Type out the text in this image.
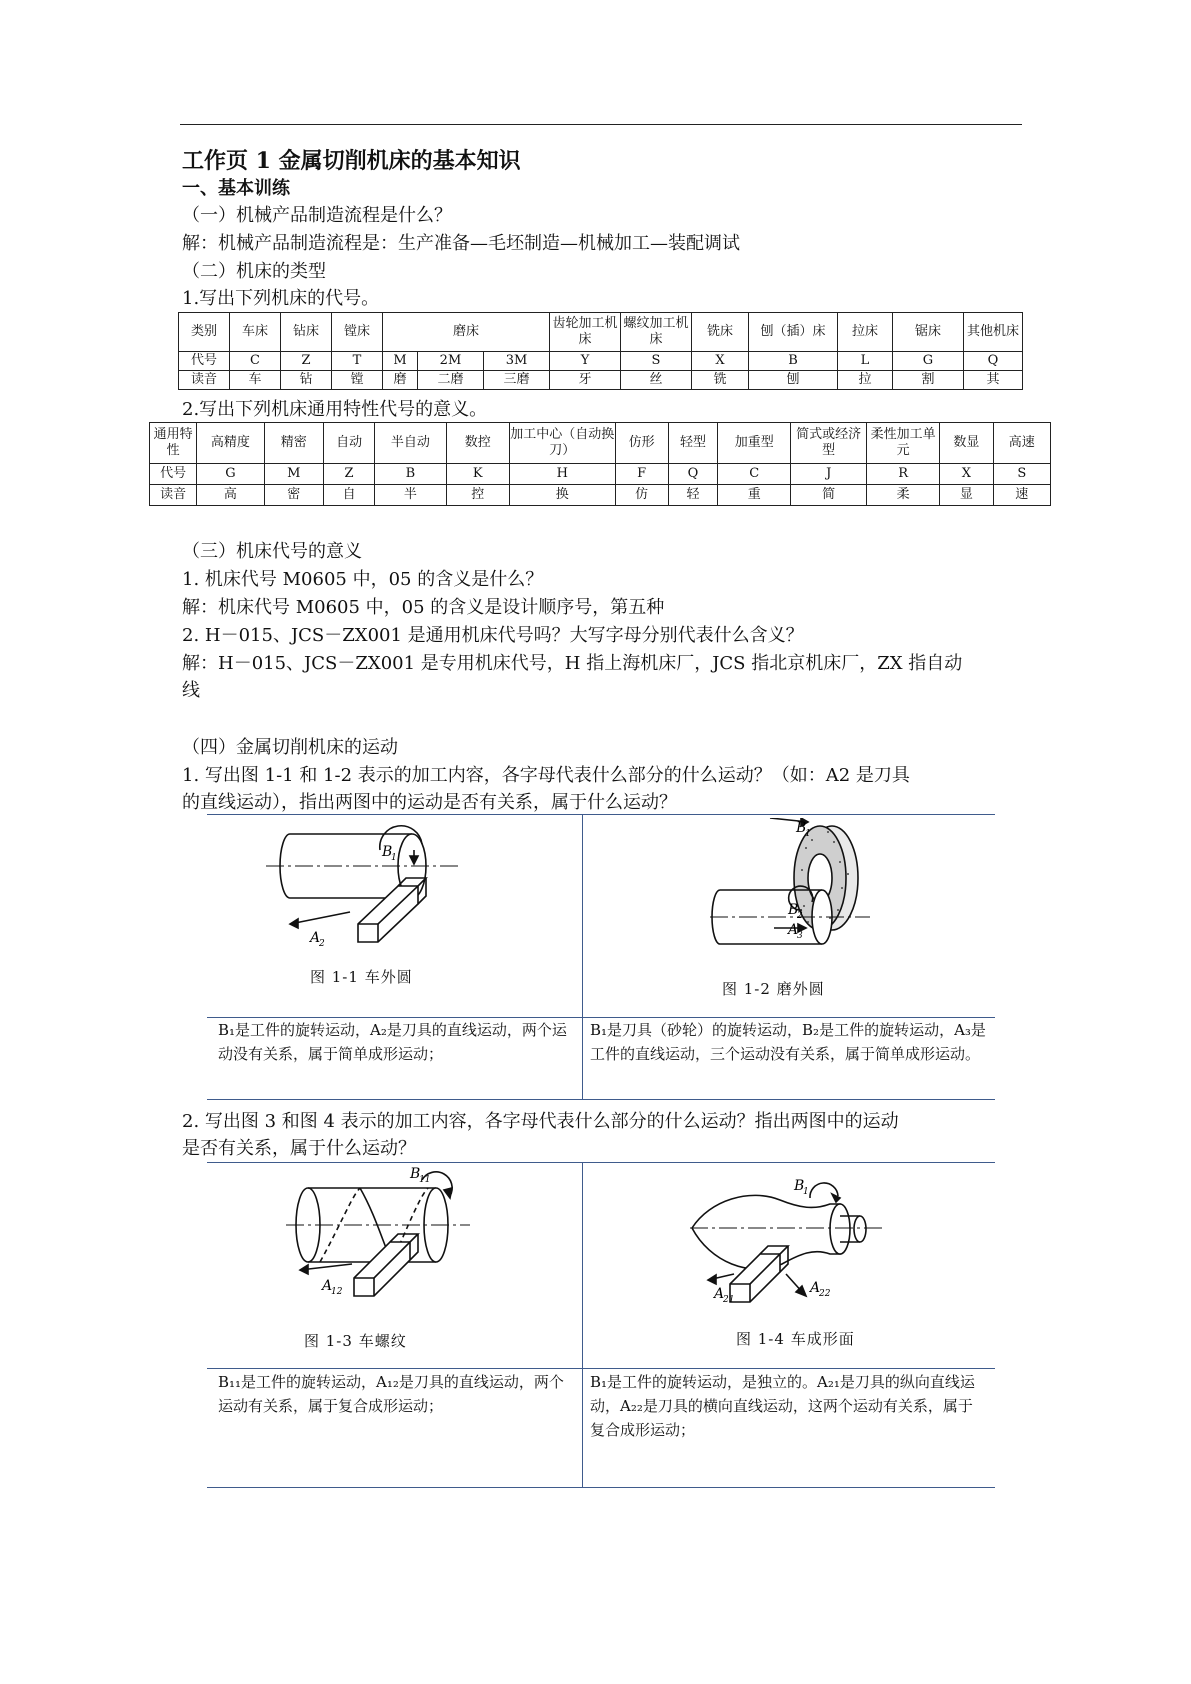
工作页 1 金属切削机床的基本知识
一、基本训练
（一）机械产品制造流程是什么？
解：机械产品制造流程是：生产准备—毛坯制造—机械加工—装配调试
（二）机床的类型
1.写出下列机床的代号。
类别	车床	钻床	镗床	磨床			齿轮加工机床	螺纹加工机床	铣床	刨（插）床	拉床	锯床	其他机床
代号	C	Z	T	M	2M	3M	Y	S	X	B	L	G	Q
读音	车	钻	镗	磨	二磨	三磨	牙	丝	铣	刨	拉	割	其
2.写出下列机床通用特性代号的意义。
通用特性	高精度	精密	自动	半自动	数控	加工中心（自动换刀）	仿形	轻型	加重型	简式或经济型	柔性加工单元	数显	高速
代号	G	M	Z	B	K	H	F	Q	C	J	R	X	S
读音	高	密	自	半	控	换	仿	轻	重	简	柔	显	速
（三）机床代号的意义
1. 机床代号 M0605 中，05 的含义是什么？
解：机床代号 M0605 中，05 的含义是设计顺序号，第五种
2. H－015、JCS－ZX001 是通用机床代号吗？大写字母分别代表什么含义？
解：H－015、JCS－ZX001 是专用机床代号，H 指上海机床厂，JCS 指北京机床厂，ZX 指自动
线
（四）金属切削机床的运动
1. 写出图 1-1 和 1-2 表示的加工内容，各字母代表什么部分的什么运动？（如：A2 是刀具
的直线运动），指出两图中的运动是否有关系，属于什么运动？
B
1
A
2
B
1
B
2
A
3
图 1-1 车外圆
图 1-2 磨外圆
B₁是工件的旋转运动，A₂是刀具的直线运动，两个运动没有关系，属于简单成形运动；
B₁是刀具（砂轮）的旋转运动，B₂是工件的旋转运动，A₃是工件的直线运动，三个运动没有关系，属于简单成形运动。
2. 写出图 3 和图 4 表示的加工内容，各字母代表什么部分的什么运动？指出两图中的运动
是否有关系，属于什么运动？
B
11
A
12
B
1
A
21
A
22
图 1-3 车螺纹	图 1-4 车成形面
B₁₁是工件的旋转运动，A₁₂是刀具的直线运动，两个运动有关系，属于复合成形运动；
B₁是工件的旋转运动，是独立的。A₂₁是刀具的纵向直线运动，A₂₂是刀具的横向直线运动，这两个运动有关系，属于复合成形运动；
